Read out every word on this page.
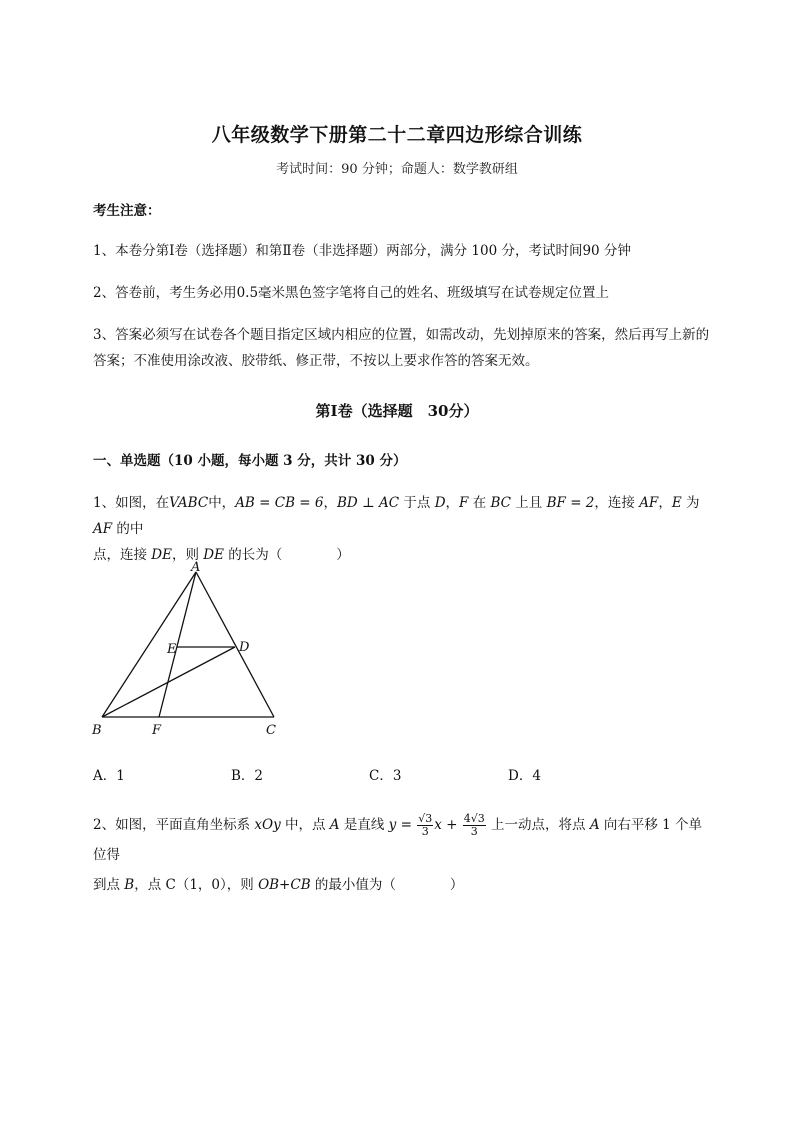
八年级数学下册第二十二章四边形综合训练
考试时间：90 分钟；命题人：数学教研组
考生注意：
1、本卷分第Ⅰ卷（选择题）和第Ⅱ卷（非选择题）两部分，满分 100 分，考试时间90 分钟
2、答卷前，考生务必用0.5毫米黑色签字笔将自己的姓名、班级填写在试卷规定位置上
3、答案必须写在试卷各个题目指定区域内相应的位置，如需改动，先划掉原来的答案，然后再写上新的答案；不准使用涂改液、胶带纸、修正带，不按以上要求作答的答案无效。
第Ⅰ卷（选择题　30分）
一、单选题（10 小题，每小题 3 分，共计 30 分）
1、如图，在VABC中，AB = CB = 6，BD ⊥ AC 于点 D，F 在 BC 上且 BF = 2，连接 AF，E 为 AF 的中
点，连接 DE，则 DE 的长为（	）
A
B	C
D
E
F
A．1	B．2	C．3	D．4
2、如图，平面直角坐标系 xOy 中，点 A 是直线 $y = \frac{√3}{3}$ $x + \frac{4√3}{3}$ 上一动点，将点 A 向右平移 1 个单位得
到点 B，点 C（1，0），则 OB+CB 的最小值为（	）
